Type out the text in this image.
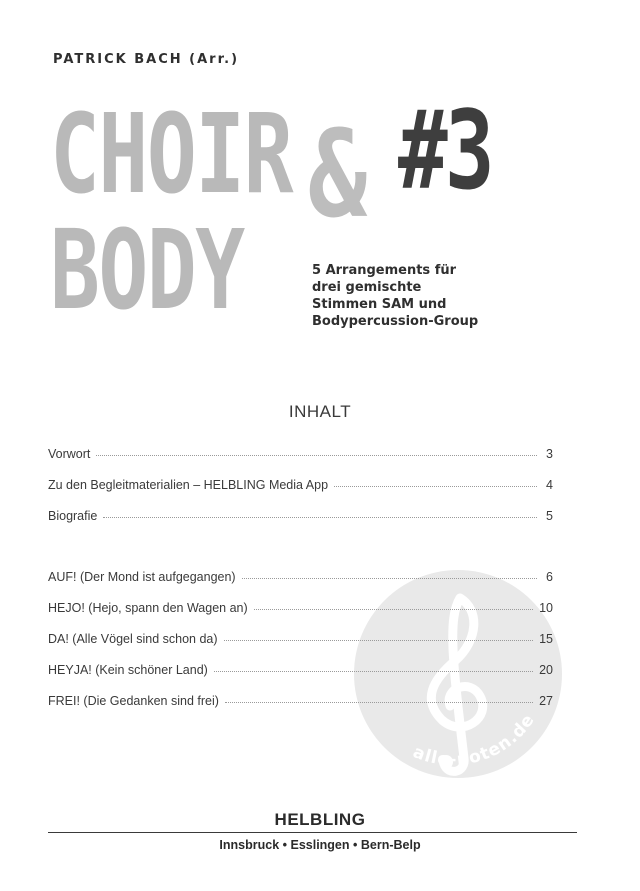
PATRICK BACH (Arr.)
CHOIR & #3
BODY	5 Arrangements für
drei gemischte
Stimmen SAM und
Bodypercussion-Group
INHALT
alle-noten.de
Vorwort	3
Zu den Begleitmaterialien – HELBLING Media App	4
Biografie	5
AUF! (Der Mond ist aufgegangen)	6
HEJO! (Hejo, spann den Wagen an)	10
DA! (Alle Vögel sind schon da)	15
HEYJA! (Kein schöner Land)	20
FREI! (Die Gedanken sind frei)	27
HELBLING
Innsbruck • Esslingen • Bern-Belp
